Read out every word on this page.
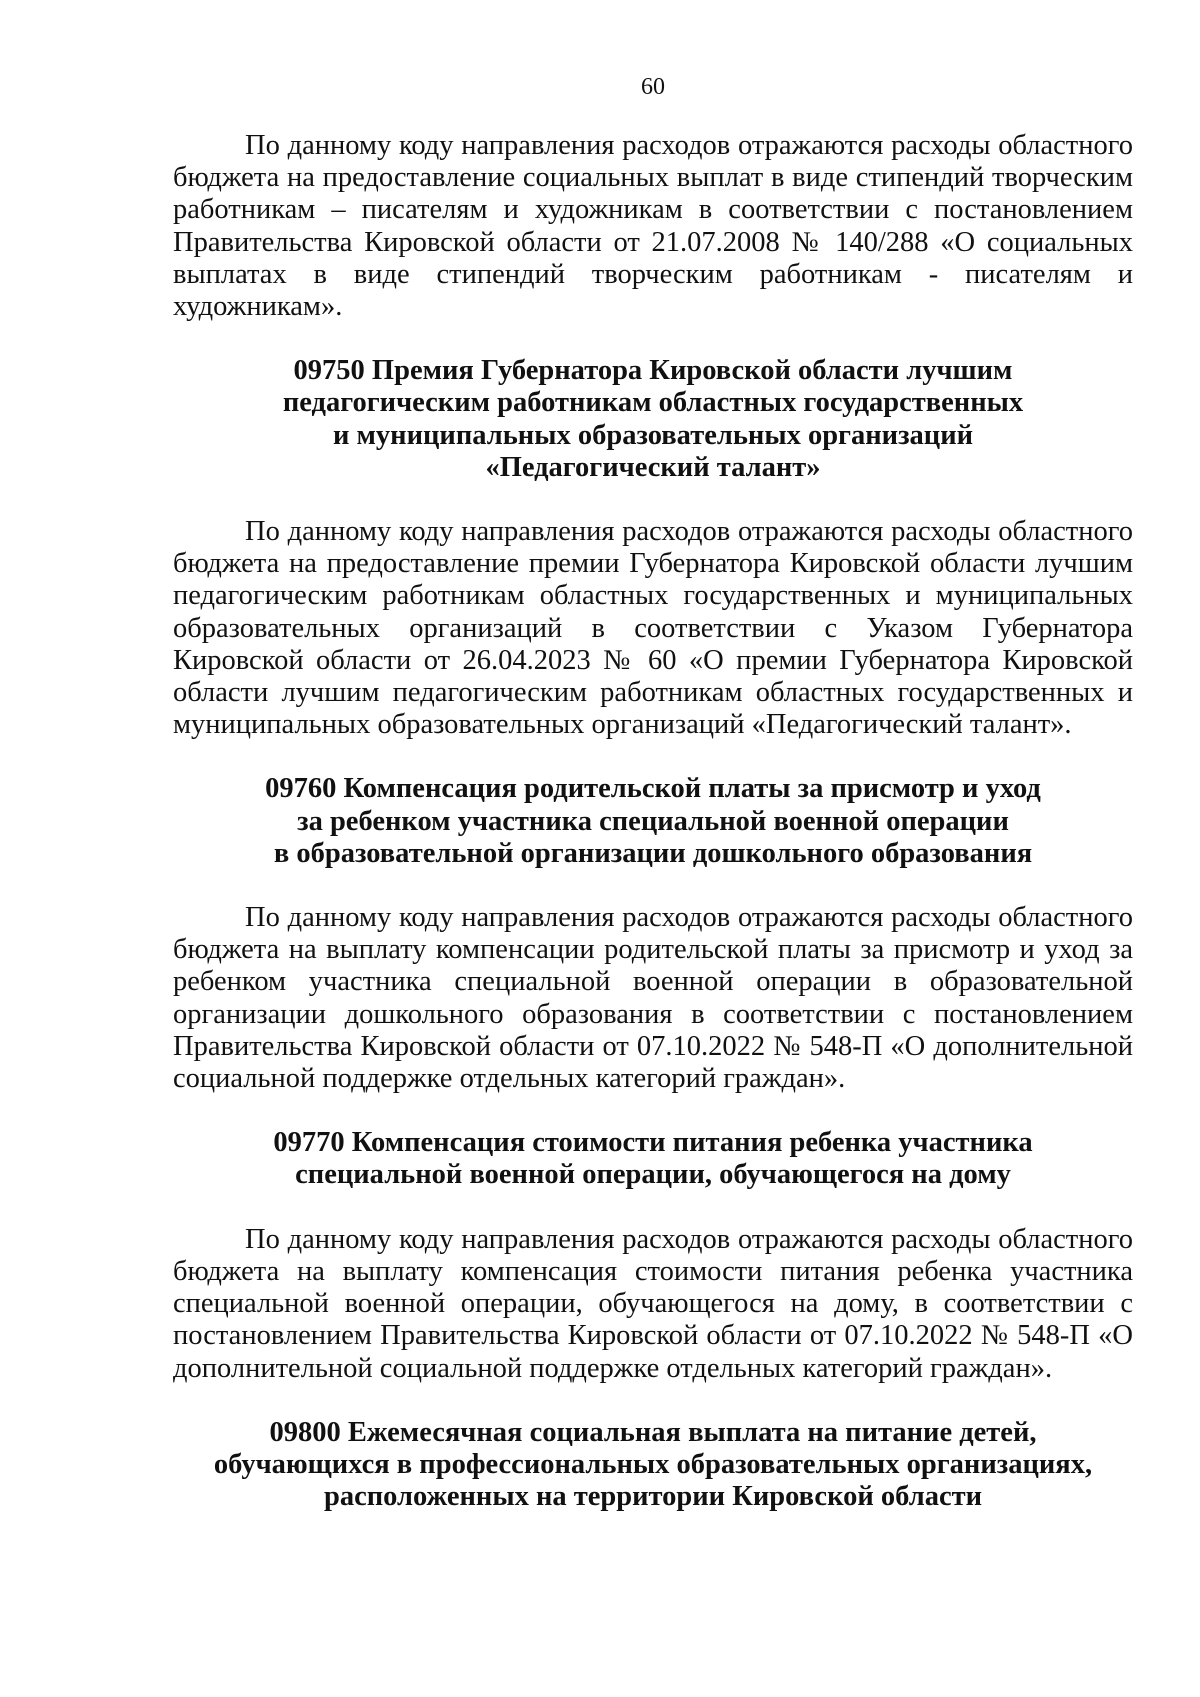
60

По данному коду направления расходов отражаются расходы областного бюджета на предоставление социальных выплат в виде стипендий творческим работникам – писателям и художникам в соответствии с постановлением Правительства Кировской области от 21.07.2008 № 140/288 «О социальных выплатах в виде стипендий творческим работникам - писателям и художникам».

09750 Премия Губернатора Кировской области лучшим
педагогическим работникам областных государственных
и муниципальных образовательных организаций
«Педагогический талант»

По данному коду направления расходов отражаются расходы областного бюджета на предоставление премии Губернатора Кировской области лучшим педагогическим работникам областных государственных и муниципальных образовательных организаций в соответствии с Указом Губернатора Кировской области от 26.04.2023 № 60 «О премии Губернатора Кировской области лучшим педагогическим работникам областных государственных и муниципальных образовательных организаций «Педагогический талант».

09760 Компенсация родительской платы за присмотр и уход
за ребенком участника специальной военной операции
в образовательной организации дошкольного образования

По данному коду направления расходов отражаются расходы областного бюджета на выплату компенсации родительской платы за присмотр и уход за ребенком участника специальной военной операции в образовательной организации дошкольного образования в соответствии с постановлением Правительства Кировской области от 07.10.2022 № 548-П «О дополнительной социальной поддержке отдельных категорий граждан».

09770 Компенсация стоимости питания ребенка участника
специальной военной операции, обучающегося на дому

По данному коду направления расходов отражаются расходы областного бюджета на выплату компенсация стоимости питания ребенка участника специальной военной операции, обучающегося на дому, в соответствии с постановлением Правительства Кировской области от 07.10.2022 № 548-П «О дополнительной социальной поддержке отдельных категорий граждан».

09800 Ежемесячная социальная выплата на питание детей,
обучающихся в профессиональных образовательных организациях,
расположенных на территории Кировской области
